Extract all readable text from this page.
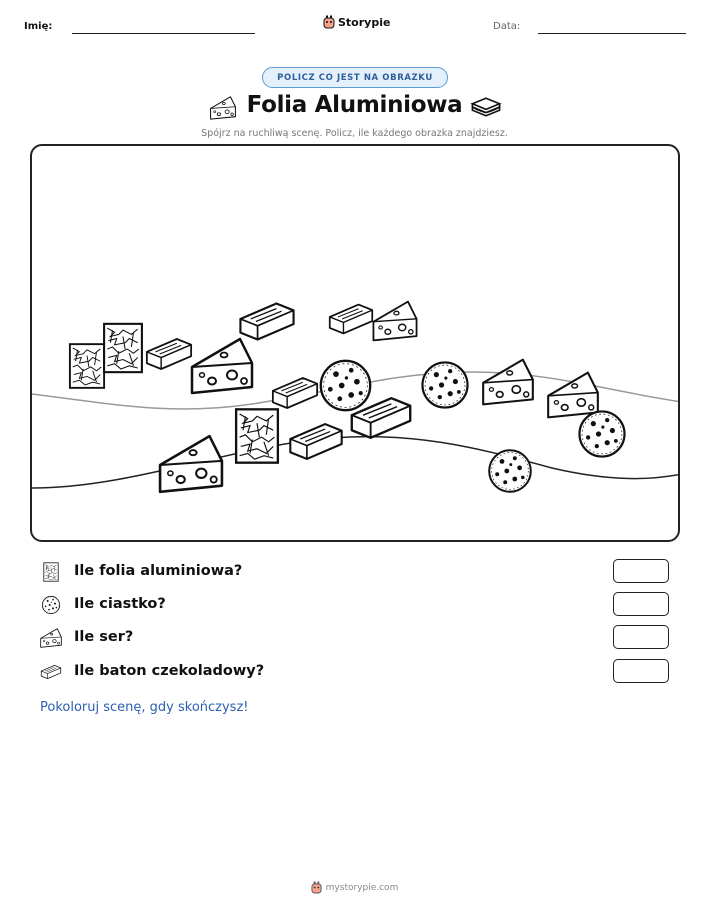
Imię:	Storypie	Data:
POLICZ CO JEST NA OBRAZKU
Folia Aluminiowa
Spójrz na ruchliwą scenę. Policz, ile każdego obrazka znajdziesz.
Ile folia aluminiowa?
Ile ciastko?
Ile ser?
Ile baton czekoladowy?
Pokoloruj scenę, gdy skończysz!
mystorypie.com
